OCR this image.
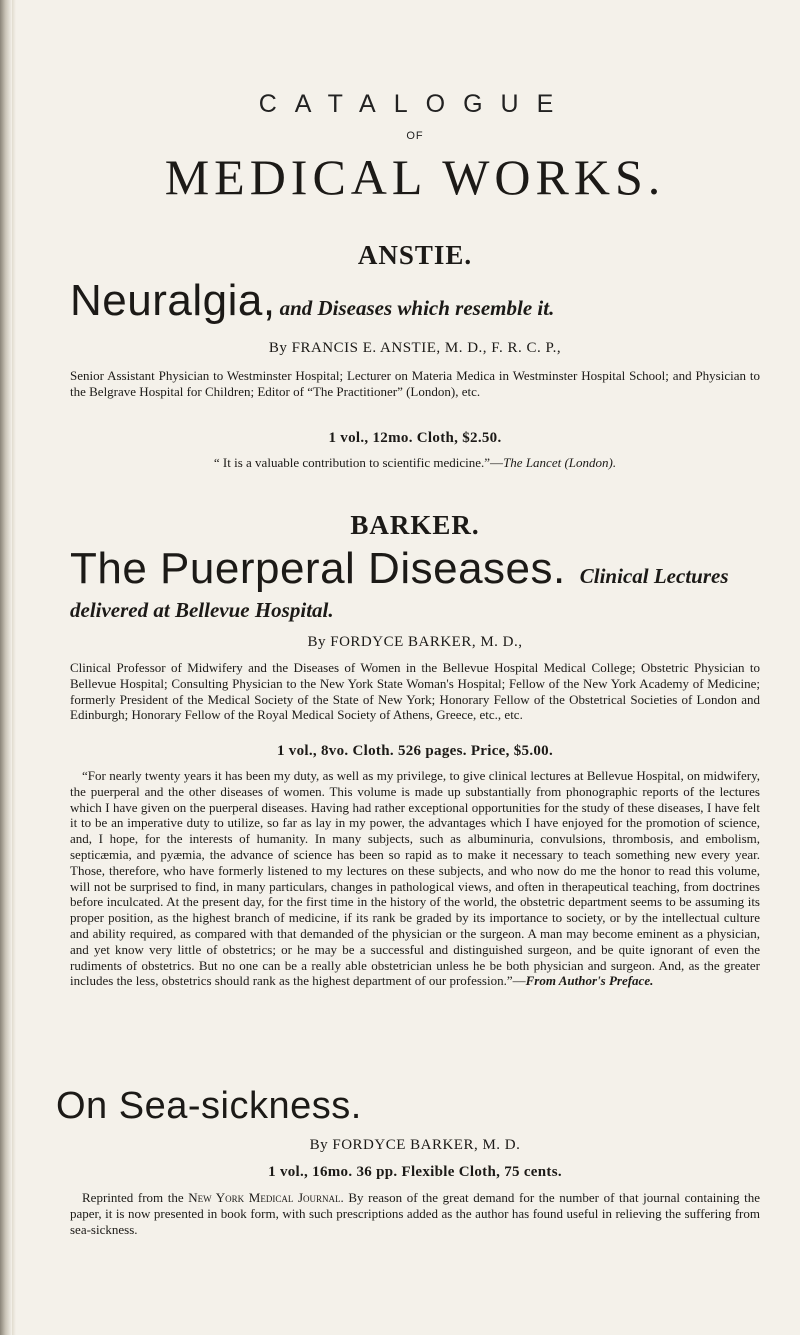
CATALOGUE
OF
MEDICAL WORKS.
ANSTIE.
Neuralgia, and Diseases which resemble it.
By FRANCIS E. ANSTIE, M. D., F. R. C. P.,
Senior Assistant Physician to Westminster Hospital; Lecturer on Materia Medica in Westminster Hospital School; and Physician to the Belgrave Hospital for Children; Editor of “The Practitioner” (London), etc.
1 vol., 12mo. Cloth, $2.50.
“ It is a valuable contribution to scientific medicine.”—The Lancet (London).
BARKER.
The Puerperal Diseases. Clinical Lectures
delivered at Bellevue Hospital.
By FORDYCE BARKER, M. D.,
Clinical Professor of Midwifery and the Diseases of Women in the Bellevue Hospital Medical College; Obstetric Physician to Bellevue Hospital; Consulting Physician to the New York State Woman's Hospital; Fellow of the New York Academy of Medicine; formerly President of the Medical Society of the State of New York; Honorary Fellow of the Obstetrical Societies of London and Edinburgh; Honorary Fellow of the Royal Medical Society of Athens, Greece, etc., etc.
1 vol., 8vo. Cloth. 526 pages. Price, $5.00.
“For nearly twenty years it has been my duty, as well as my privilege, to give clinical lectures at Bellevue Hospital, on midwifery, the puerperal and the other diseases of women. This volume is made up substantially from phonographic reports of the lectures which I have given on the puerperal diseases. Having had rather exceptional opportunities for the study of these diseases, I have felt it to be an imperative duty to utilize, so far as lay in my power, the advantages which I have enjoyed for the promotion of science, and, I hope, for the interests of humanity. In many subjects, such as albuminuria, convulsions, thrombosis, and embolism, septicæmia, and pyæmia, the advance of science has been so rapid as to make it necessary to teach something new every year. Those, therefore, who have formerly listened to my lectures on these subjects, and who now do me the honor to read this volume, will not be surprised to find, in many particulars, changes in pathological views, and often in therapeutical teaching, from doctrines before inculcated. At the present day, for the first time in the history of the world, the obstetric department seems to be assuming its proper position, as the highest branch of medicine, if its rank be graded by its importance to society, or by the intellectual culture and ability required, as compared with that demanded of the physician or the surgeon. A man may become eminent as a physician, and yet know very little of obstetrics; or he may be a successful and distinguished surgeon, and be quite ignorant of even the rudiments of obstetrics. But no one can be a really able obstetrician unless he be both physician and surgeon. And, as the greater includes the less, obstetrics should rank as the highest department of our profession.”—From Author's Preface.
On Sea-sickness.
By FORDYCE BARKER, M. D.
1 vol., 16mo. 36 pp. Flexible Cloth, 75 cents.
Reprinted from the New York Medical Journal. By reason of the great demand for the number of that journal containing the paper, it is now presented in book form, with such prescriptions added as the author has found useful in relieving the suffering from sea-sickness.
